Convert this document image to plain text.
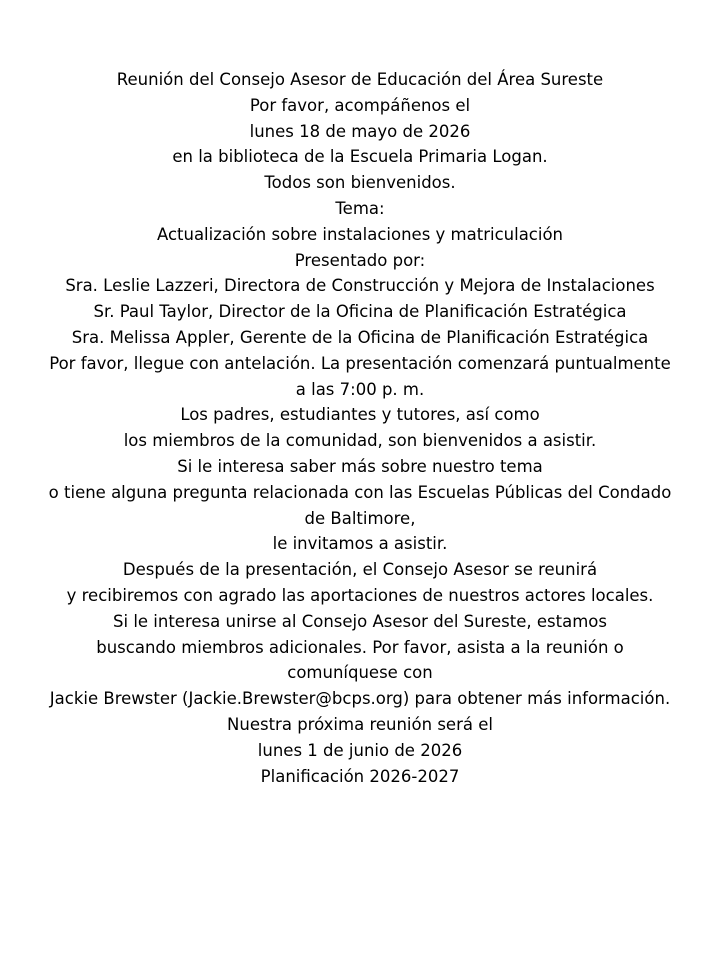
Reunión del Consejo Asesor de Educación del Área Sureste

Por favor, acompáñenos el

lunes 18 de mayo de 2026

en la biblioteca de la Escuela Primaria Logan.

Todos son bienvenidos.

Tema:

Actualización sobre instalaciones y matriculación

Presentado por:

Sra. Leslie Lazzeri, Directora de Construcción y Mejora de Instalaciones

Sr. Paul Taylor, Director de la Oficina de Planificación Estratégica

Sra. Melissa Appler, Gerente de la Oficina de Planificación Estratégica

Por favor, llegue con antelación. La presentación comenzará puntualmente

a las 7:00 p. m.

Los padres, estudiantes y tutores, así como

los miembros de la comunidad, son bienvenidos a asistir.

Si le interesa saber más sobre nuestro tema

o tiene alguna pregunta relacionada con las Escuelas Públicas del Condado

de Baltimore,

le invitamos a asistir.

Después de la presentación, el Consejo Asesor se reunirá

y recibiremos con agrado las aportaciones de nuestros actores locales.

Si le interesa unirse al Consejo Asesor del Sureste, estamos

buscando miembros adicionales. Por favor, asista a la reunión o

comuníquese con

Jackie Brewster (Jackie.Brewster@bcps.org) para obtener más información.

Nuestra próxima reunión será el

lunes 1 de junio de 2026

Planificación 2026-2027
